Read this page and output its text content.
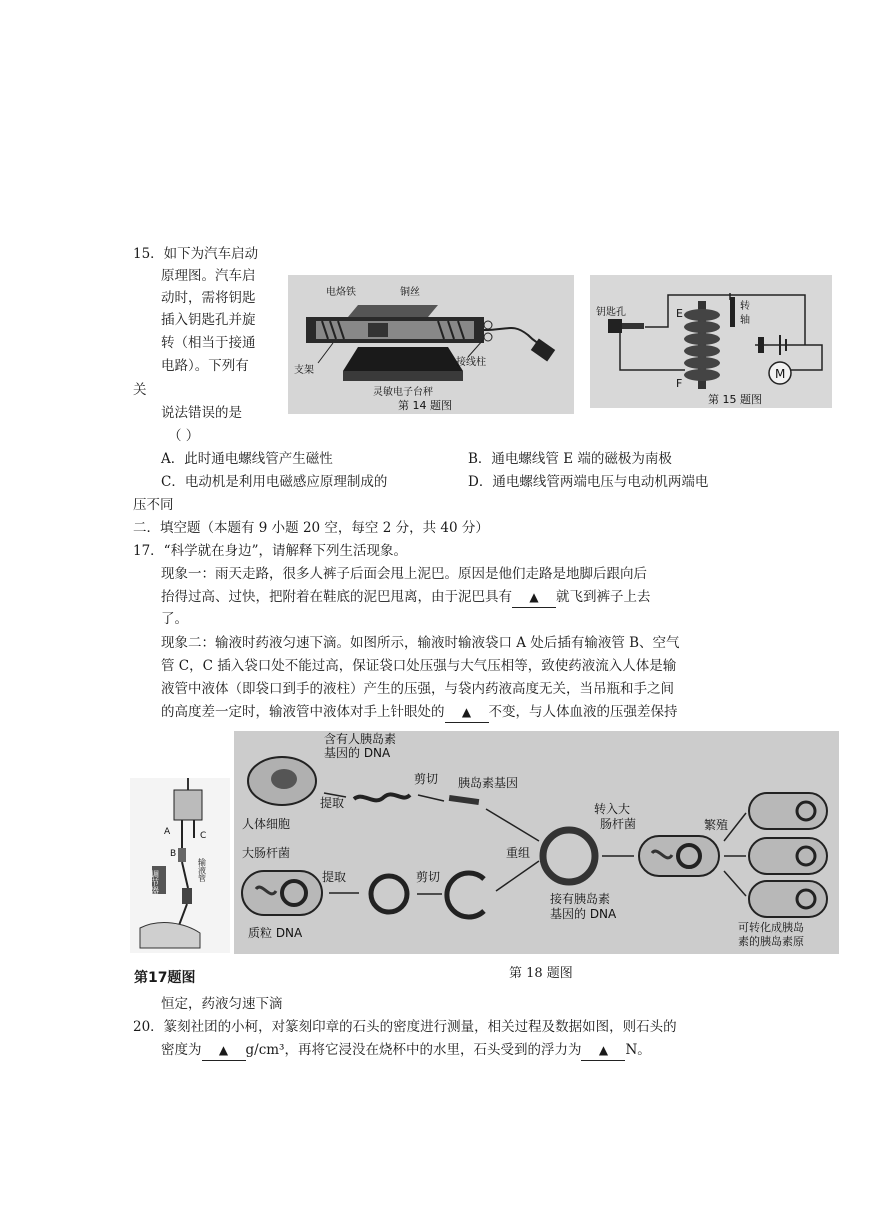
15．如下为汽车启动
原理图。汽车启
动时，需将钥匙
插入钥匙孔并旋
转（相当于接通
电路）。下列有
关
说法错误的是
（ ）
A．此时通电螺线管产生磁性	B．通电螺线管 E 端的磁极为南极
C．电动机是利用电磁感应原理制成的	D．通电螺线管两端电压与电动机两端电
压不同
电烙铁	铜丝
支架
接线柱
灵敏电子台秤
第 14 题图
M
钥匙孔	E
F
转
轴
第 15 题图
二．填空题（本题有 9 小题 20 空，每空 2 分，共 40 分）
17．“科学就在身边”，请解释下列生活现象。
现象一：雨天走路，很多人裤子后面会甩上泥巴。原因是他们走路是地脚后跟向后
抬得过高、过快，把附着在鞋底的泥巴甩离，由于泥巴具有 ▲ 就飞到裤子上去
了。
现象二：输液时药液匀速下滴。如图所示，输液时输液袋口 A 处后插有输液管 B、空气
管 C，C 插入袋口处不能过高，保证袋口处压强与大气压相等，致使药液流入人体是输
液管中液体（即袋口到手的液柱）产生的压强，与袋内药液高度无关，当吊瓶和手之间
的高度差一定时，输液管中液体对手上针眼处的 ▲ 不变，与人体血液的压强差保持
A
B
C
输液管
调节器
第17题图
含有人胰岛素
基因的 DNA
提取
剪切 胰岛素基因
人体细胞
转入大
肠杆菌
大肠杆菌	重组
繁殖
提取	剪切
质粒 DNA
接有胰岛素
基因的 DNA
可转化成胰岛
素的胰岛素原
第 18 题图
恒定，药液匀速下滴
20．篆刻社团的小柯，对篆刻印章的石头的密度进行测量，相关过程及数据如图，则石头的
密度为 ▲ g/cm³，再将它浸没在烧杯中的水里，石头受到的浮力为 ▲ N。
